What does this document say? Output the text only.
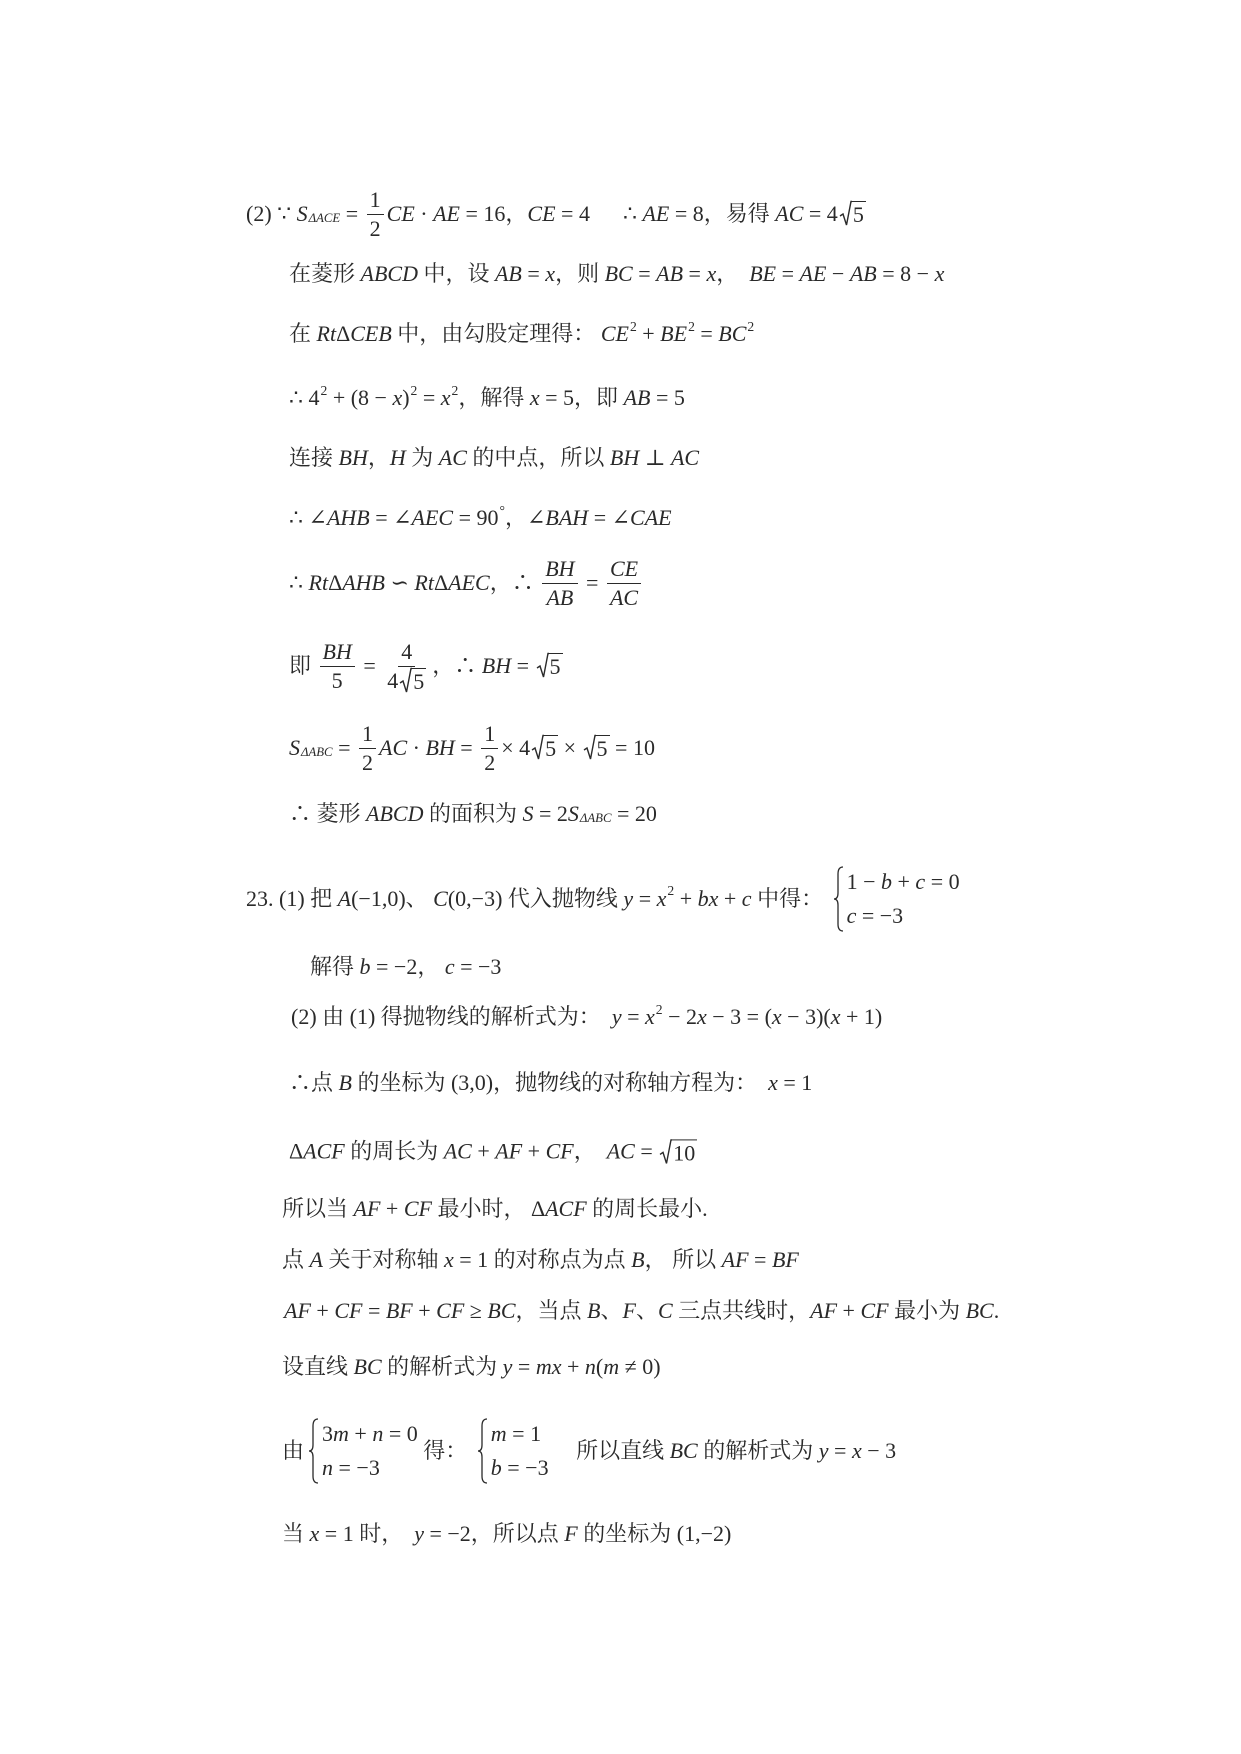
(2) ∵ S $\Delta ACE = \frac{1}{2}$ CE · AE = 16， CE = 4      ∴ AE = 8，易得 AC = 4 5
在菱形 ABCD 中，设 AB = x ，则 BC = AB = x ， BE = AE − AB = 8 − x
在 Rt Δ CEB 中，由勾股定理得： CE 2 + BE 2 = BC 2
∴ 4 2 + (8 − x ) 2 = x 2 ，解得 x = 5，即 AB = 5
连接 BH ， H 为 AC 的中点，所以 BH ⊥ AC
∴ ∠ AHB = ∠ AEC = 90 ° ，∠ BAH = ∠ CAE
∴ Rt Δ AHB ∽ Rt Δ AEC ，∴ $\frac{BH}{AB} = \frac{CE}{AC}$
即 $\frac{BH}{5} = \frac{4}{4 5}$ ，∴ BH = 5
S $\Delta ABC = \frac{1}{2}$ AC · BH = $\frac{1}{2} \times 4$ 5 × 5 = 10
∴ 菱形 ABCD 的面积为 S = 2 S ΔABC = 20
23. (1) 把 A (−1,0)、 C (0,−3) 代入抛物线 y = x 2 + bx + c 中得：
1 − b + c = 0
c = −3
解得 b = −2， c = −3
(2) 由 (1) 得抛物线的解析式为： y = x 2 − 2 x − 3 = ( x − 3)( x + 1)
∴点 B 的坐标为 (3,0)，抛物线的对称轴方程为： x = 1
Δ ACF 的周长为 AC + AF + CF ， AC = 10
所以当 AF + CF 最小时， Δ ACF 的周长最小.
点 A 关于对称轴 x = 1 的对称点为点 B ， 所以 AF = BF
AF + CF = BF + CF ≥ BC ，当点 B 、 F 、 C 三点共线时， AF + CF 最小为 BC .
设直线 BC 的解析式为 y = mx + n ( m ≠ 0)
由
3 m + n = 0
n = −3
得：
m = 1
b = −3
所以直线 BC 的解析式为 y = x − 3
当 x = 1 时， y = −2，所以点 F 的坐标为 (1,−2)
